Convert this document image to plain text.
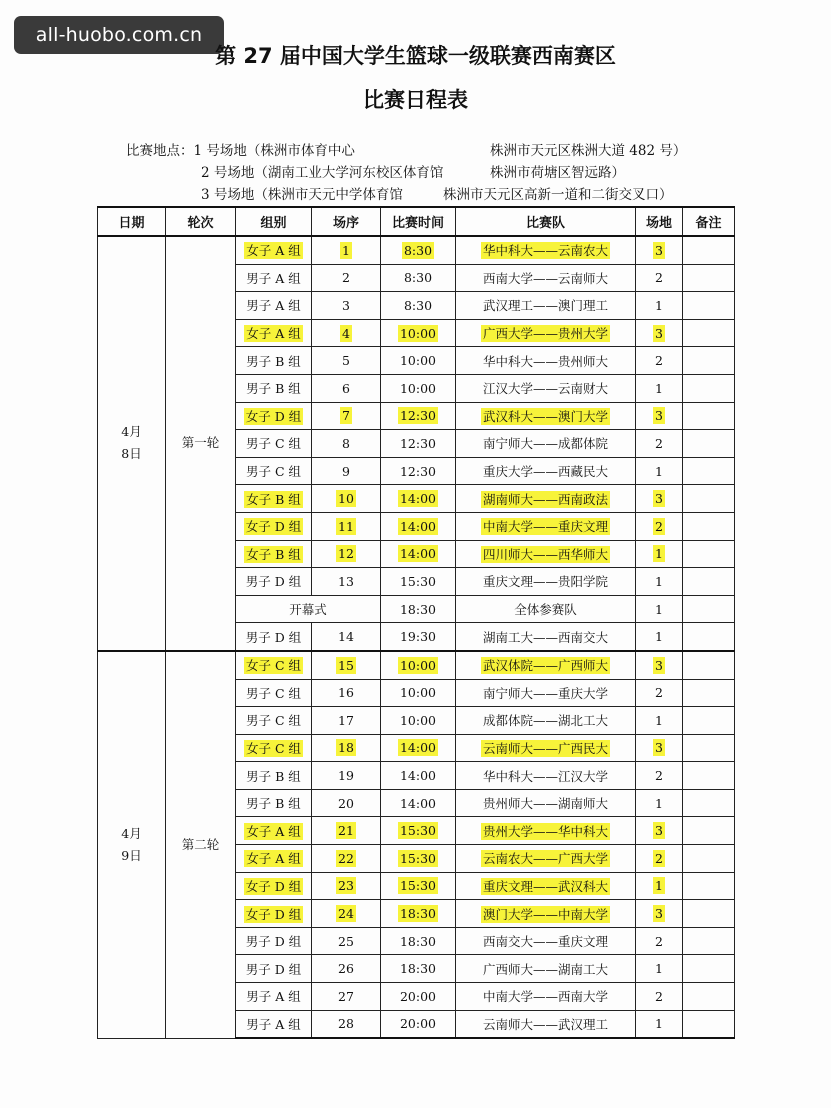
all-huobo.com.cn
第 27 届中国大学生篮球一级联赛西南赛区
比赛日程表
比赛地点：1 号场地（株洲市体育中心	株洲市天元区株洲大道 482 号）
2 号场地（湖南工业大学河东校区体育馆	株洲市荷塘区智远路）
3 号场地（株洲市天元中学体育馆	株洲市天元区高新一道和二街交叉口）
日期	轮次	组别	场序	比赛时间	比赛队	场地	备注

4月
8日	第一轮	女子 A 组	1	8:30	华中科大——云南农大	3	
		男子 A 组	2	8:30	西南大学——云南师大	2	
		男子 A 组	3	8:30	武汉理工——澳门理工	1	
		女子 A 组	4	10:00	广西大学——贵州大学	3	
		男子 B 组	5	10:00	华中科大——贵州师大	2	
		男子 B 组	6	10:00	江汉大学——云南财大	1	
		女子 D 组	7	12:30	武汉科大——澳门大学	3	
		男子 C 组	8	12:30	南宁师大——成都体院	2	
		男子 C 组	9	12:30	重庆大学——西藏民大	1	
		女子 B 组	10	14:00	湖南师大——西南政法	3	
		女子 D 组	11	14:00	中南大学——重庆文理	2	
		女子 B 组	12	14:00	四川师大——西华师大	1	
		男子 D 组	13	15:30	重庆文理——贵阳学院	1	
		开幕式		18:30	全体参赛队	1	
		男子 D 组	14	19:30	湖南工大——西南交大	1	

4月
9日	第二轮	女子 C 组	15	10:00	武汉体院——广西师大	3	
		男子 C 组	16	10:00	南宁师大——重庆大学	2	
		男子 C 组	17	10:00	成都体院——湖北工大	1	
		女子 C 组	18	14:00	云南师大——广西民大	3	
		男子 B 组	19	14:00	华中科大——江汉大学	2	
		男子 B 组	20	14:00	贵州师大——湖南师大	1	
		女子 A 组	21	15:30	贵州大学——华中科大	3	
		女子 A 组	22	15:30	云南农大——广西大学	2	
		女子 D 组	23	15:30	重庆文理——武汉科大	1	
		女子 D 组	24	18:30	澳门大学——中南大学	3	
		男子 D 组	25	18:30	西南交大——重庆文理	2	
		男子 D 组	26	18:30	广西师大——湖南工大	1	
		男子 A 组	27	20:00	中南大学——西南大学	2	
		男子 A 组	28	20:00	云南师大——武汉理工	1	
